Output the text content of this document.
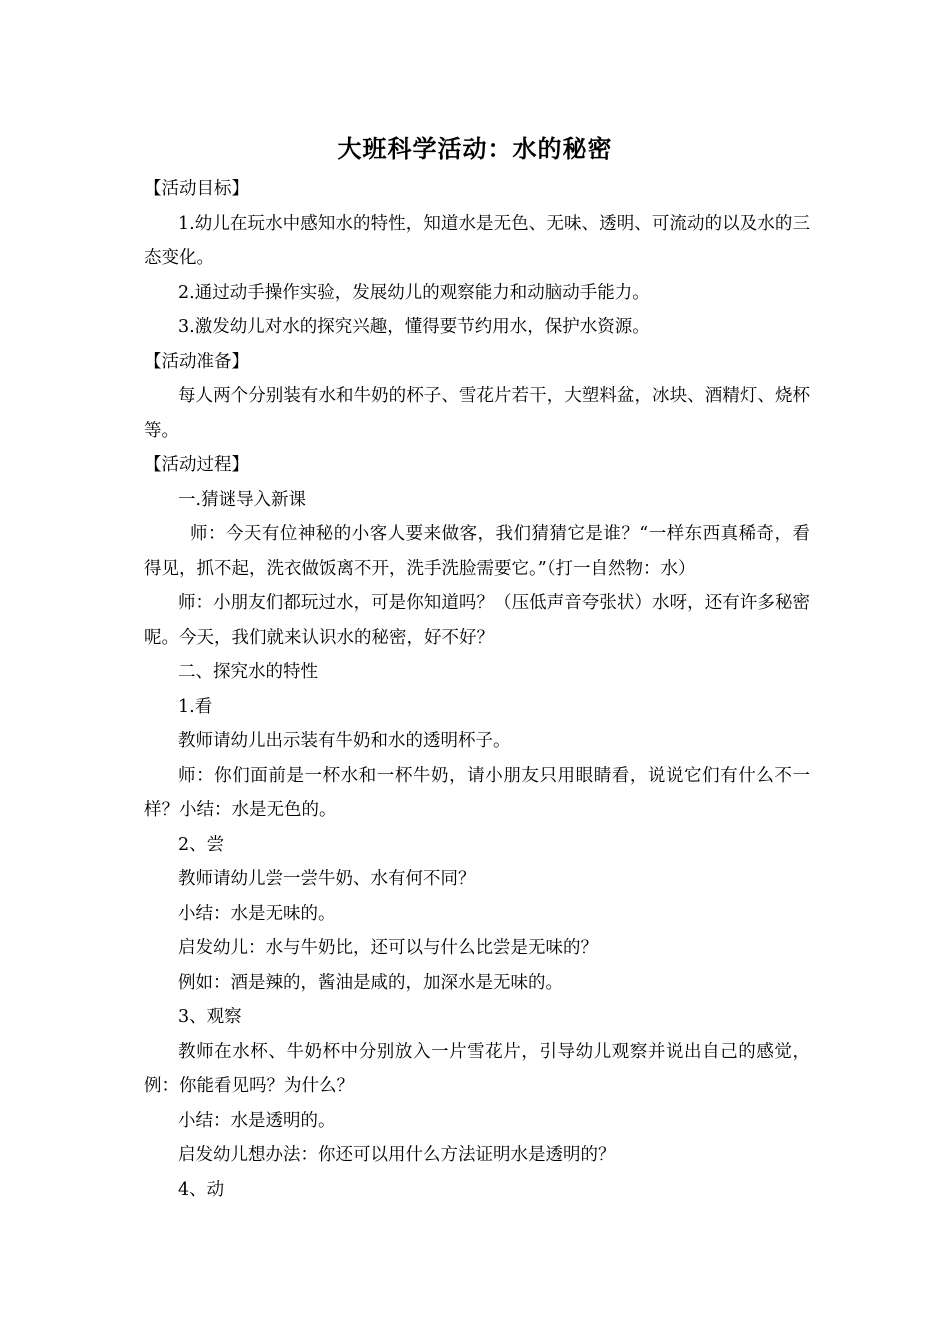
大班科学活动：水的秘密

【活动目标】

1.幼儿在玩水中感知水的特性，知道水是无色、无味、透明、可流动的以及水的三态变化。

2.通过动手操作实验，发展幼儿的观察能力和动脑动手能力。

3.激发幼儿对水的探究兴趣，懂得要节约用水，保护水资源。

【活动准备】

每人两个分别装有水和牛奶的杯子、雪花片若干，大塑料盆，冰块、酒精灯、烧杯等。

【活动过程】

一.猜谜导入新课

师：今天有位神秘的小客人要来做客，我们猜猜它是谁？“一样东西真稀奇，看得见，抓不起，洗衣做饭离不开，洗手洗脸需要它。”（打一自然物：水）

师：小朋友们都玩过水，可是你知道吗？（压低声音夸张状）水呀，还有许多秘密呢。今天，我们就来认识水的秘密，好不好？

二、探究水的特性

1.看

教师请幼儿出示装有牛奶和水的透明杯子。

师：你们面前是一杯水和一杯牛奶，请小朋友只用眼睛看，说说它们有什么不一样？小结：水是无色的。

2、尝

教师请幼儿尝一尝牛奶、水有何不同？

小结：水是无味的。

启发幼儿：水与牛奶比，还可以与什么比尝是无味的？

例如：酒是辣的，酱油是咸的，加深水是无味的。

3、观察

教师在水杯、牛奶杯中分别放入一片雪花片，引导幼儿观察并说出自己的感觉，例：你能看见吗？为什么？

小结：水是透明的。

启发幼儿想办法：你还可以用什么方法证明水是透明的？

4、动
